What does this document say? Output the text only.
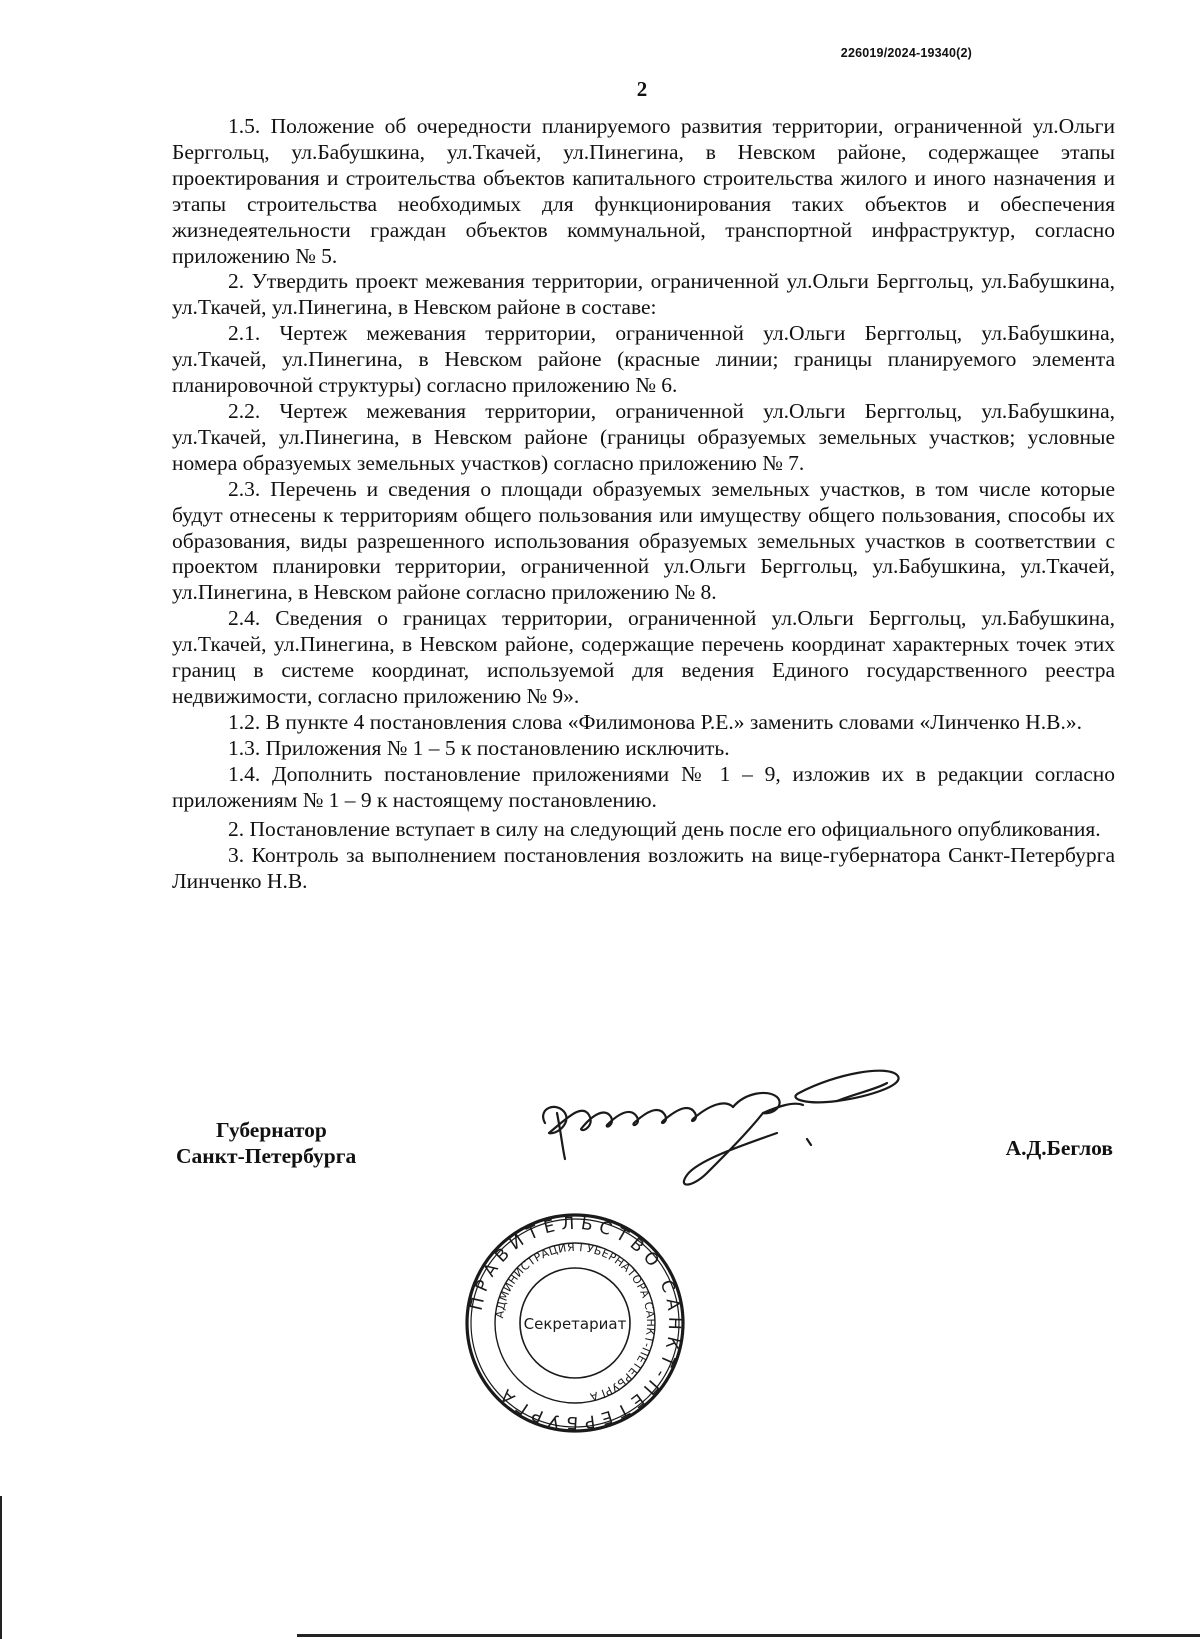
226019/2024-19340(2)
2

1.5. Положение об очередности планируемого развития территории, ограниченной ул.Ольги Берггольц, ул.Бабушкина, ул.Ткачей, ул.Пинегина, в Невском районе, содержащее этапы проектирования и строительства объектов капитального строительства жилого и иного назначения и этапы строительства необходимых для функционирования таких объектов и обеспечения жизнедеятельности граждан объектов коммунальной, транспортной инфраструктур, согласно приложению № 5.

2. Утвердить проект межевания территории, ограниченной ул.Ольги Берггольц, ул.Бабушкина, ул.Ткачей, ул.Пинегина, в Невском районе в составе:

2.1. Чертеж межевания территории, ограниченной ул.Ольги Берггольц, ул.Бабушкина, ул.Ткачей, ул.Пинегина, в Невском районе (красные линии; границы планируемого элемента планировочной структуры) согласно приложению № 6.

2.2. Чертеж межевания территории, ограниченной ул.Ольги Берггольц, ул.Бабушкина, ул.Ткачей, ул.Пинегина, в Невском районе (границы образуемых земельных участков; условные номера образуемых земельных участков) согласно приложению № 7.

2.3. Перечень и сведения о площади образуемых земельных участков, в том числе которые будут отнесены к территориям общего пользования или имуществу общего пользования, способы их образования, виды разрешенного использования образуемых земельных участков в соответствии с проектом планировки территории, ограниченной ул.Ольги Берггольц, ул.Бабушкина, ул.Ткачей, ул.Пинегина, в Невском районе согласно приложению № 8.

2.4. Сведения о границах территории, ограниченной ул.Ольги Берггольц, ул.Бабушкина, ул.Ткачей, ул.Пинегина, в Невском районе, содержащие перечень координат характерных точек этих границ в системе координат, используемой для ведения Единого государственного реестра недвижимости, согласно приложению № 9».

1.2. В пункте 4 постановления слова «Филимонова Р.Е.» заменить словами «Линченко Н.В.».

1.3. Приложения № 1 – 5 к постановлению исключить.

1.4. Дополнить постановление приложениями № 1 – 9, изложив их в редакции согласно приложениям № 1 – 9 к настоящему постановлению.

2. Постановление вступает в силу на следующий день после его официального опубликования.

3. Контроль за выполнением постановления возложить на вице-губернатора Санкт-Петербурга Линченко Н.В.

Губернатор
Санкт-Петербурга	А.Д.Беглов
ПРАВИТЕЛЬСТВО САНКТ-ПЕТЕРБУРГА
АДМИНИСТРАЦИЯ ГУБЕРНАТОРА САНКТ-ПЕТЕРБУРГА
Секретариат
